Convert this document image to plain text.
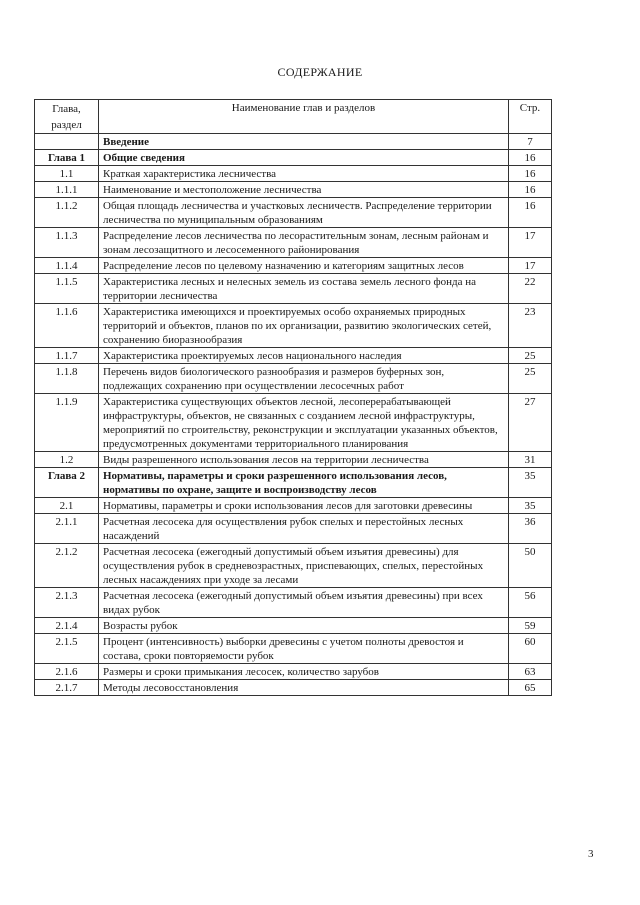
СОДЕРЖАНИЕ
Глава, раздел	Наименование глав и разделов	Стр.
	Введение	7
Глава 1	Общие сведения	16
1.1	Краткая характеристика лесничества	16
1.1.1	Наименование и местоположение лесничества	16
1.1.2	Общая площадь лесничества и участковых лесничеств. Распределение территории лесничества по муниципальным образованиям	16
1.1.3	Распределение лесов лесничества по лесорастительным зонам, лесным районам и зонам лесозащитного и лесосеменного районирования	17
1.1.4	Распределение лесов по целевому назначению и категориям защитных лесов	17
1.1.5	Характеристика лесных и нелесных земель из состава земель лесного фонда на территории лесничества	22
1.1.6	Характеристика имеющихся и проектируемых особо охраняемых природных территорий и объектов, планов по их организации, развитию экологических сетей, сохранению биоразнообразия	23
1.1.7	Характеристика проектируемых лесов национального наследия	25
1.1.8	Перечень видов биологического разнообразия и размеров буферных зон, подлежащих сохранению при осуществлении лесосечных работ	25
1.1.9	Характеристика существующих объектов лесной, лесоперерабатывающей инфраструктуры, объектов, не связанных с созданием лесной инфраструктуры, мероприятий по строительству, реконструкции и эксплуатации указанных объектов, предусмотренных документами территориального планирования	27
1.2	Виды разрешенного использования лесов на территории лесничества	31
Глава 2	Нормативы, параметры и сроки разрешенного использования лесов, нормативы по охране, защите и воспроизводству лесов	35
2.1	Нормативы, параметры и сроки использования лесов для заготовки древесины	35
2.1.1	Расчетная лесосека для осуществления рубок спелых и перестойных лесных насаждений	36
2.1.2	Расчетная лесосека (ежегодный допустимый объем изъятия древесины) для осуществления рубок в средневозрастных, приспевающих, спелых, перестойных лесных насаждениях при уходе за лесами	50
2.1.3	Расчетная лесосека (ежегодный допустимый объем изъятия древесины) при всех видах рубок	56
2.1.4	Возрасты рубок	59
2.1.5	Процент (интенсивность) выборки древесины с учетом полноты древостоя и состава, сроки повторяемости рубок	60
2.1.6	Размеры и сроки примыкания лесосек, количество зарубов	63
2.1.7	Методы лесовосстановления	65
3
